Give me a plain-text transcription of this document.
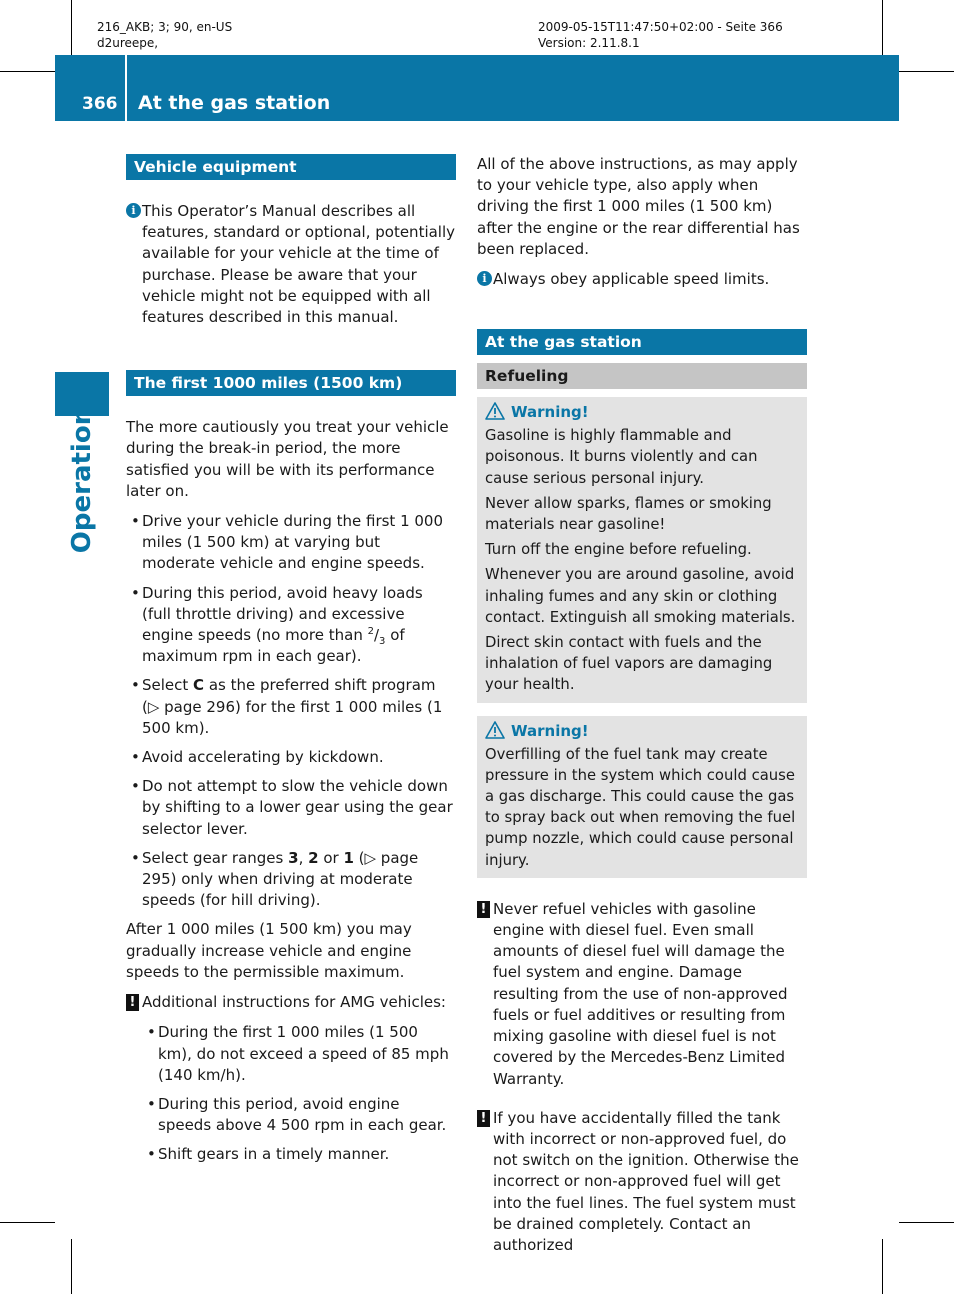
216_AKB; 3; 90, en-US
d2ureepe,
2009-05-15T11:47:50+02:00 - Seite 366
Version: 2.11.8.1
366 At the gas station
Operation
Vehicle equipment
i This Operator’s Manual describes all features, standard or optional, potentially available for your vehicle at the time of purchase. Please be aware that your vehicle might not be equipped with all features described in this manual.
The first 1000 miles (1500 km)

The more cautiously you treat your vehicle during the break-in period, the more satisfied you will be with its performance later on.

• Drive your vehicle during the first 1 000 miles (1 500 km) at varying but moderate vehicle and engine speeds.
• During this period, avoid heavy loads (full throttle driving) and excessive engine speeds (no more than $^2/_3$ of maximum rpm in each gear).
• Select C as the preferred shift program (▷ page 296) for the first 1 000 miles (1 500 km).
• Avoid accelerating by kickdown.
• Do not attempt to slow the vehicle down by shifting to a lower gear using the gear selector lever.
• Select gear ranges 3, 2 or 1 (▷ page 295) only when driving at moderate speeds (for hill driving).

After 1 000 miles (1 500 km) you may gradually increase vehicle and engine speeds to the permissible maximum.

! Additional instructions for AMG vehicles:
• During the first 1 000 miles (1 500 km), do not exceed a speed of 85 mph (140 km/h).
• During this period, avoid engine speeds above 4 500 rpm in each gear.
• Shift gears in a timely manner.

All of the above instructions, as may apply to your vehicle type, also apply when driving the first 1 000 miles (1 500 km) after the engine or the rear differential has been replaced.

i Always obey applicable speed limits.
At the gas station
Refueling
Warning!

Gasoline is highly flammable and poisonous. It burns violently and can cause serious personal injury.

Never allow sparks, flames or smoking materials near gasoline!

Turn off the engine before refueling.

Whenever you are around gasoline, avoid inhaling fumes and any skin or clothing contact. Extinguish all smoking materials.

Direct skin contact with fuels and the inhalation of fuel vapors are damaging your health.

Warning!

Overfilling of the fuel tank may create pressure in the system which could cause a gas discharge. This could cause the gas to spray back out when removing the fuel pump nozzle, which could cause personal injury.

! Never refuel vehicles with gasoline engine with diesel fuel. Even small amounts of diesel fuel will damage the fuel system and engine. Damage resulting from the use of non-approved fuels or fuel additives or resulting from mixing gasoline with diesel fuel is not covered by the Mercedes-Benz Limited Warranty.
! If you have accidentally filled the tank with incorrect or non-approved fuel, do not switch on the ignition. Otherwise the incorrect or non-approved fuel will get into the fuel lines. The fuel system must be drained completely. Contact an authorized
